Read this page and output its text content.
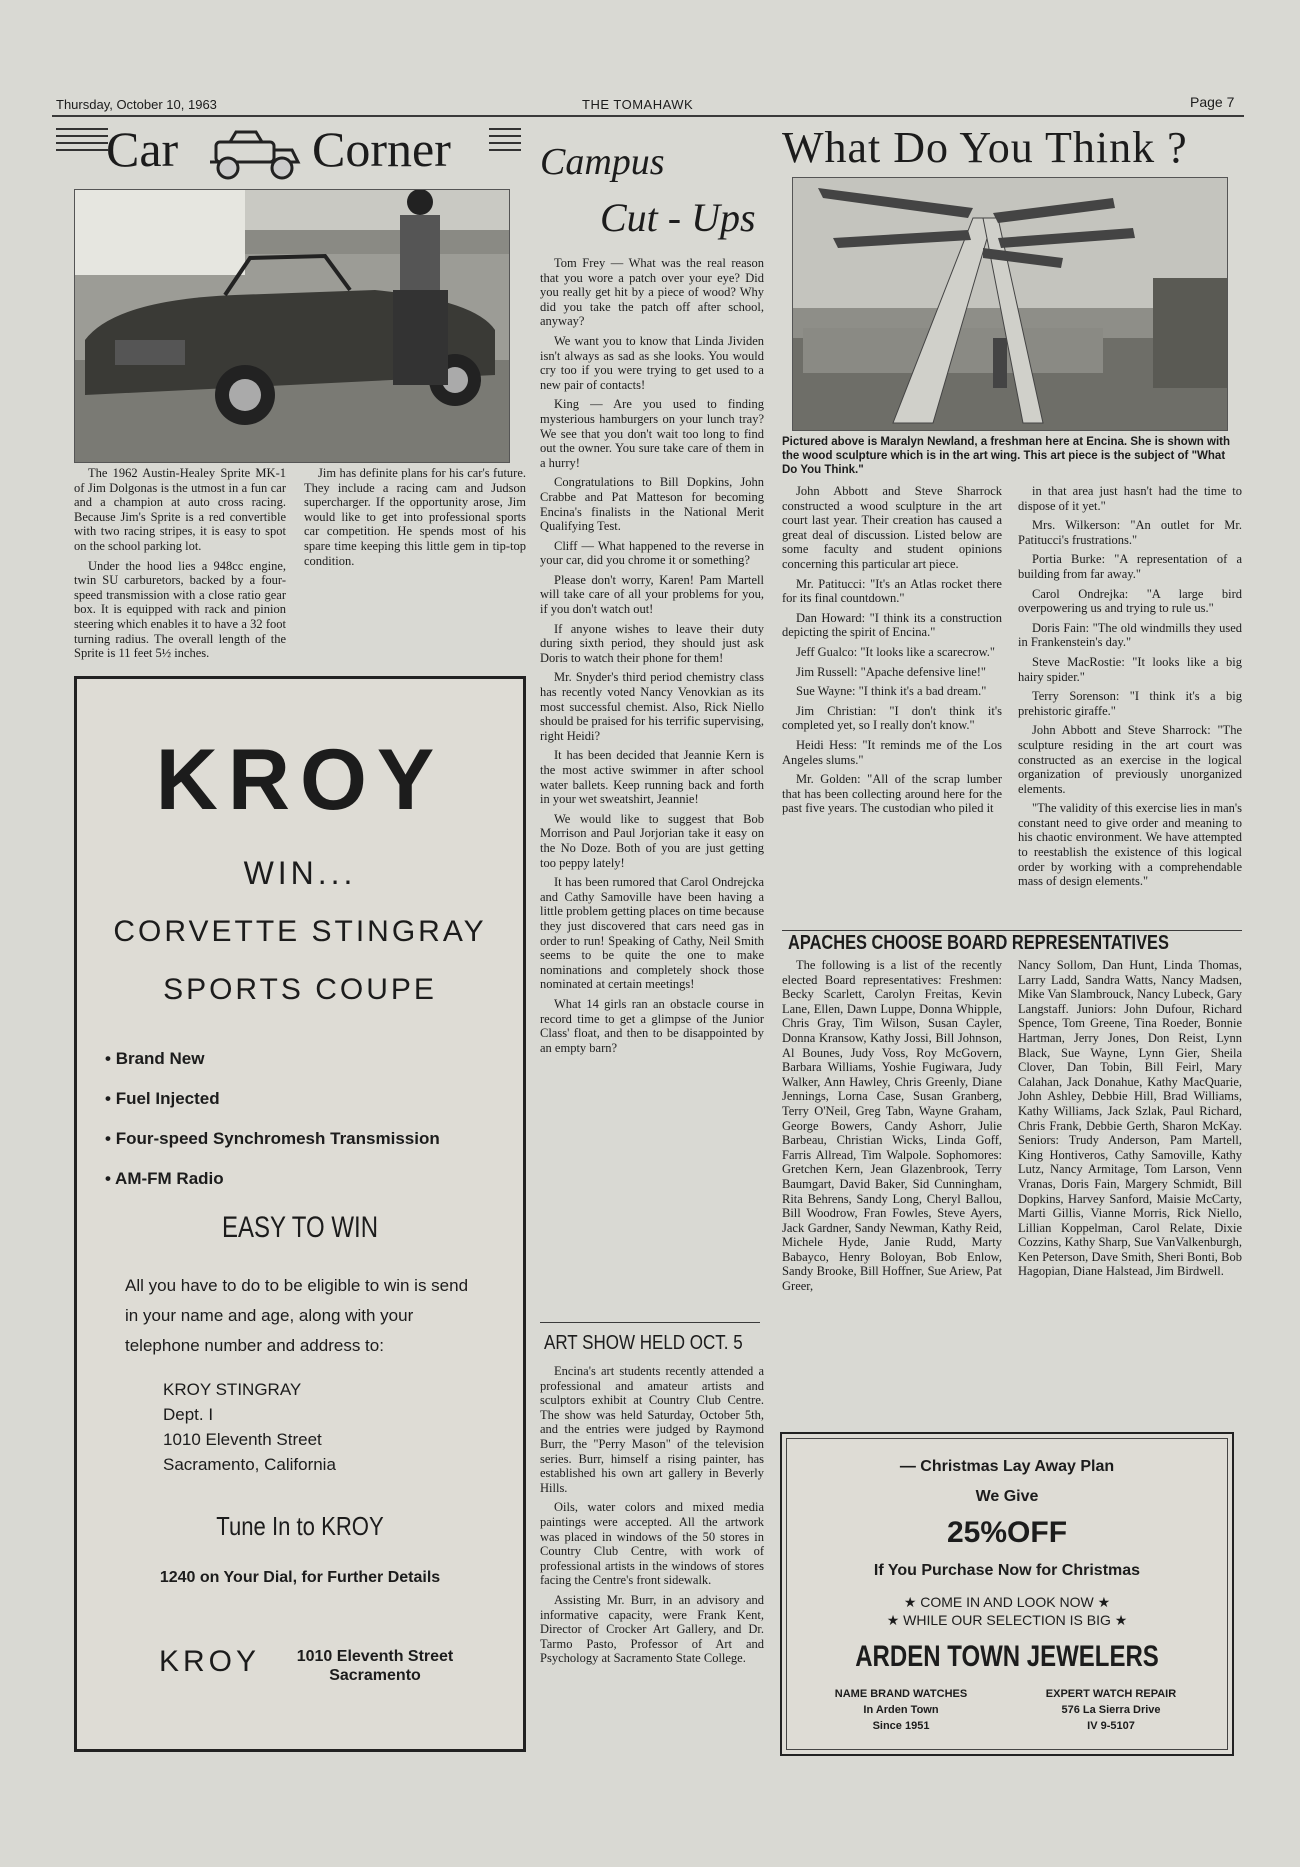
Thursday, October 10, 1963	THE TOMAHAWK	Page 7
Car	Corner

The 1962 Austin-Healey Sprite MK-1 of Jim Dolgonas is the utmost in a fun car and a champion at auto cross racing. Because Jim's Sprite is a red convertible with two racing stripes, it is easy to spot on the school parking lot.

Under the hood lies a 948cc engine, twin SU carburetors, backed by a four-speed transmission with a close ratio gear box. It is equipped with rack and pinion steering which enables it to have a 32 foot turning radius. The overall length of the Sprite is 11 feet 5½ inches.

Jim has definite plans for his car's future. They include a racing cam and Judson supercharger. If the opportunity arose, Jim would like to get into professional sports car competition. He spends most of his spare time keeping this little gem in tip-top condition.

KROY
WIN...
CORVETTE STINGRAY
SPORTS COUPE
• Brand New
• Fuel Injected
• Four-speed Synchromesh Transmission
• AM-FM Radio
EASY TO WIN
All you have to do to be eligible to win is send in your name and age, along with your telephone number and address to:
KROY STINGRAY
Dept. I
1010 Eleventh Street
Sacramento, California
Tune In to KROY
1240 on Your Dial, for Further Details
KROY	1010 Eleventh Street
Sacramento
Campus
Cut - Ups

Tom Frey — What was the real reason that you wore a patch over your eye? Did you really get hit by a piece of wood? Why did you take the patch off after school, anyway?

We want you to know that Linda Jividen isn't always as sad as she looks. You would cry too if you were trying to get used to a new pair of contacts!

King — Are you used to finding mysterious hamburgers on your lunch tray? We see that you don't wait too long to find out the owner. You sure take care of them in a hurry!

Congratulations to Bill Dopkins, John Crabbe and Pat Matteson for becoming Encina's finalists in the National Merit Qualifying Test.

Cliff — What happened to the reverse in your car, did you chrome it or something?

Please don't worry, Karen! Pam Martell will take care of all your problems for you, if you don't watch out!

If anyone wishes to leave their duty during sixth period, they should just ask Doris to watch their phone for them!

Mr. Snyder's third period chemistry class has recently voted Nancy Venovkian as its most successful chemist. Also, Rick Niello should be praised for his terrific supervising, right Heidi?

It has been decided that Jeannie Kern is the most active swimmer in after school water ballets. Keep running back and forth in your wet sweatshirt, Jeannie!

We would like to suggest that Bob Morrison and Paul Jorjorian take it easy on the No Doze. Both of you are just getting too peppy lately!

It has been rumored that Carol Ondrejcka and Cathy Samoville have been having a little problem getting places on time because they just discovered that cars need gas in order to run! Speaking of Cathy, Neil Smith seems to be quite the one to make nominations and completely shock those nominated at certain meetings!

What 14 girls ran an obstacle course in record time to get a glimpse of the Junior Class' float, and then to be disappointed by an empty barn?

ART SHOW HELD OCT. 5

Encina's art students recently attended a professional and amateur artists and sculptors exhibit at Country Club Centre. The show was held Saturday, October 5th, and the entries were judged by Raymond Burr, the "Perry Mason" of the television series. Burr, himself a rising painter, has established his own art gallery in Beverly Hills.

Oils, water colors and mixed media paintings were accepted. All the artwork was placed in windows of the 50 stores in Country Club Centre, with work of professional artists in the windows of stores facing the Centre's front sidewalk.

Assisting Mr. Burr, in an advisory and informative capacity, were Frank Kent, Director of Crocker Art Gallery, and Dr. Tarmo Pasto, Professor of Art and Psychology at Sacramento State College.

What Do You Think ?
Pictured above is Maralyn Newland, a freshman here at Encina. She is shown with the wood sculpture which is in the art wing. This art piece is the subject of "What Do You Think."

John Abbott and Steve Sharrock constructed a wood sculpture in the art court last year. Their creation has caused a great deal of discussion. Listed below are some faculty and student opinions concerning this particular art piece.

Mr. Patitucci: "It's an Atlas rocket there for its final countdown."

Dan Howard: "I think its a construction depicting the spirit of Encina."

Jeff Gualco: "It looks like a scarecrow."

Jim Russell: "Apache defensive line!"

Sue Wayne: "I think it's a bad dream."

Jim Christian: "I don't think it's completed yet, so I really don't know."

Heidi Hess: "It reminds me of the Los Angeles slums."

Mr. Golden: "All of the scrap lumber that has been collecting around here for the past five years. The custodian who piled it

in that area just hasn't had the time to dispose of it yet."

Mrs. Wilkerson: "An outlet for Mr. Patitucci's frustrations."

Portia Burke: "A representation of a building from far away."

Carol Ondrejka: "A large bird overpowering us and trying to rule us."

Doris Fain: "The old windmills they used in Frankenstein's day."

Steve MacRostie: "It looks like a big hairy spider."

Terry Sorenson: "I think it's a big prehistoric giraffe."

John Abbott and Steve Sharrock: "The sculpture residing in the art court was constructed as an exercise in the logical organization of previously unorganized elements.

"The validity of this exercise lies in man's constant need to give order and meaning to his chaotic environment. We have attempted to reestablish the existence of this logical order by working with a comprehendable mass of design elements."

APACHES CHOOSE BOARD REPRESENTATIVES
The following is a list of the recently elected Board representatives: Freshmen: Becky Scarlett, Carolyn Freitas, Kevin Lane, Ellen, Dawn Luppe, Donna Whipple, Chris Gray, Tim Wilson, Susan Cayler, Donna Kransow, Kathy Jossi, Bill Johnson, Al Bounes, Judy Voss, Roy McGovern, Barbara Williams, Yoshie Fugiwara, Judy Walker, Ann Hawley, Chris Greenly, Diane Jennings, Lorna Case, Susan Granberg, Terry O'Neil, Greg Tabn, Wayne Graham, George Bowers, Candy Ashorr, Julie Barbeau, Christian Wicks, Linda Goff, Farris Allread, Tim Walpole. Sophomores: Gretchen Kern, Jean Glazenbrook, Terry Baumgart, David Baker, Sid Cunningham, Rita Behrens, Sandy Long, Cheryl Ballou, Bill Woodrow, Fran Fowles, Steve Ayers, Jack Gardner, Sandy Newman, Kathy Reid, Michele Hyde, Janie Rudd, Marty Babayco, Henry Boloyan, Bob Enlow, Sandy Brooke, Bill Hoffner, Sue Ariew, Pat Greer,
Nancy Sollom, Dan Hunt, Linda Thomas, Larry Ladd, Sandra Watts, Nancy Madsen, Mike Van Slambrouck, Nancy Lubeck, Gary Langstaff. Juniors: John Dufour, Richard Spence, Tom Greene, Tina Roeder, Bonnie Hartman, Jerry Jones, Don Reist, Lynn Black, Sue Wayne, Lynn Gier, Sheila Clover, Dan Tobin, Bill Feirl, Mary Calahan, Jack Donahue, Kathy MacQuarie, John Ashley, Debbie Hill, Brad Williams, Kathy Williams, Jack Szlak, Paul Richard, Chris Frank, Debbie Gerth, Sharon McKay. Seniors: Trudy Anderson, Pam Martell, King Hontiveros, Cathy Samoville, Kathy Lutz, Nancy Armitage, Tom Larson, Venn Vranas, Doris Fain, Margery Schmidt, Bill Dopkins, Harvey Sanford, Maisie McCarty, Marti Gillis, Vianne Morris, Rick Niello, Lillian Koppelman, Carol Relate, Dixie Cozzins, Kathy Sharp, Sue VanValkenburgh, Ken Peterson, Dave Smith, Sheri Bonti, Bob Hagopian, Diane Halstead, Jim Birdwell.
— Christmas Lay Away Plan
We Give
25%OFF
If You Purchase Now for Christmas
★ COME IN AND LOOK NOW ★
★ WHILE OUR SELECTION IS BIG ★
ARDEN TOWN JEWELERS
NAME BRAND WATCHES
In Arden Town
Since 1951
EXPERT WATCH REPAIR
576 La Sierra Drive
IV 9-5107
